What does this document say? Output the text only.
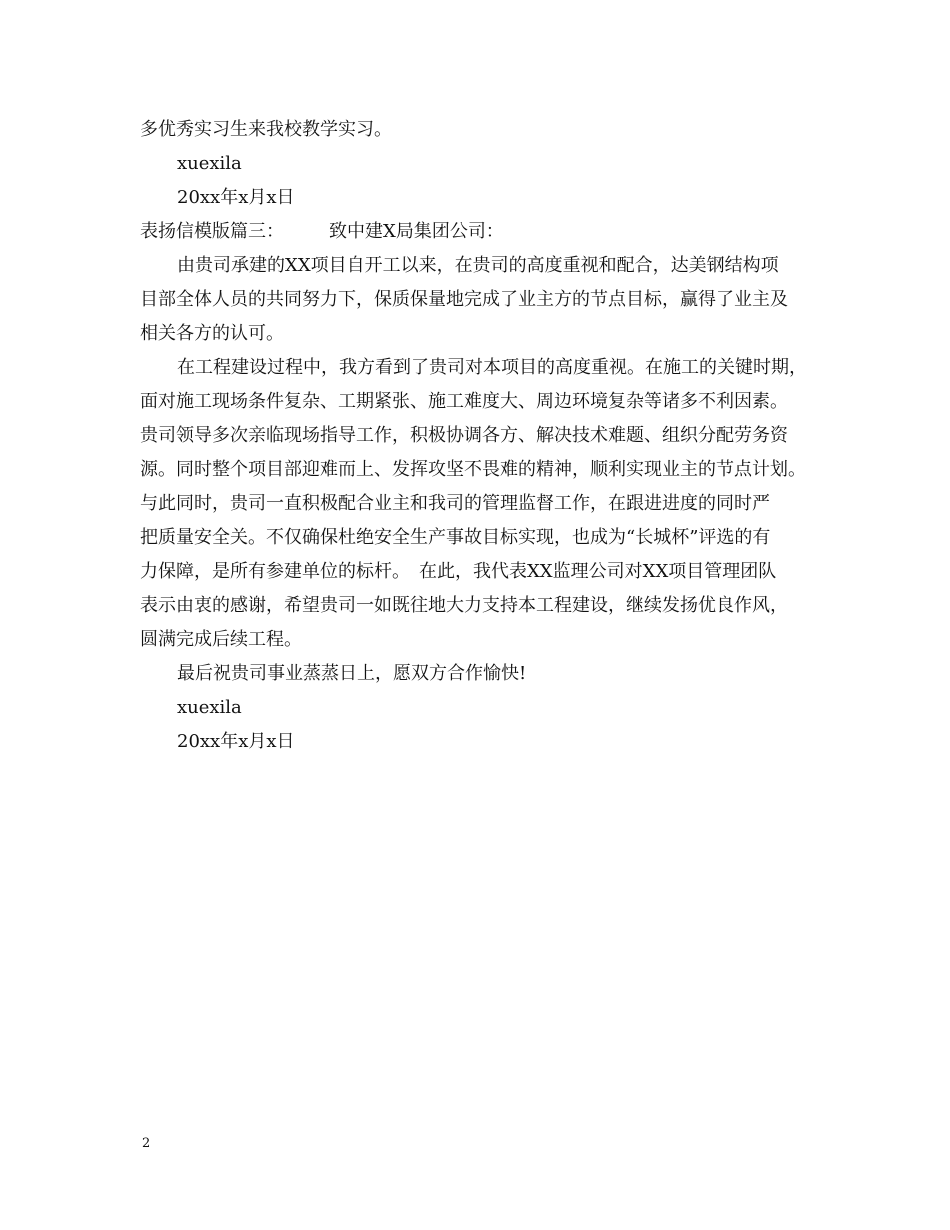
多优秀实习生来我校教学实习。
xuexila
20xx年x月x日
表扬信模版篇三：　　　致中建X局集团公司：
由贵司承建的XX项目自开工以来，在贵司的高度重视和配合，达美钢结构项
目部全体人员的共同努力下，保质保量地完成了业主方的节点目标，赢得了业主及
相关各方的认可。
在工程建设过程中，我方看到了贵司对本项目的高度重视。在施工的关键时期，
面对施工现场条件复杂、工期紧张、施工难度大、周边环境复杂等诸多不利因素。
贵司领导多次亲临现场指导工作，积极协调各方、解决技术难题、组织分配劳务资
源。同时整个项目部迎难而上、发挥攻坚不畏难的精神，顺利实现业主的节点计划。
与此同时，贵司一直积极配合业主和我司的管理监督工作，在跟进进度的同时严
把质量安全关。不仅确保杜绝安全生产事故目标实现，也成为“长城杯”评选的有
力保障，是所有参建单位的标杆。　在此，我代表XX监理公司对XX项目管理团队
表示由衷的感谢，希望贵司一如既往地大力支持本工程建设，继续发扬优良作风，
圆满完成后续工程。
最后祝贵司事业蒸蒸日上，愿双方合作愉快!
xuexila
20xx年x月x日
2
